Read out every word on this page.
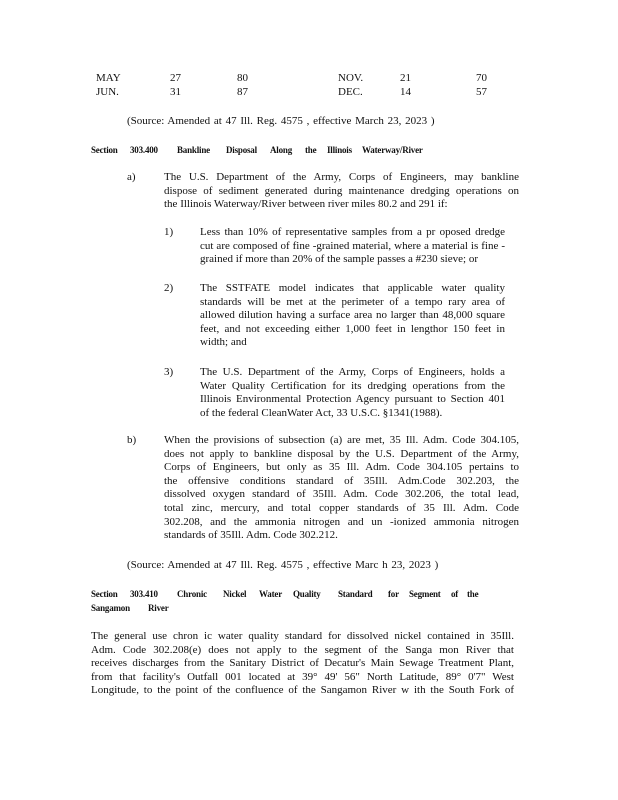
MAY	27	80	NOV.	21	70
JUN.	31	87	DEC.	14	57
(Source: Amended at 47 Ill. Reg. 4575 , effective March 23, 2023 )
Section 303.400 Bankline Disposal Along the Illinois Waterway/River
a)	The U.S. Department of the Army, Corps of Engineers, may bankline
dispose of sediment generated during maintenance dredging operations on
the Illinois Waterway/River between river miles 80.2 and 291 if:
1) Less than 10% of representative samples from a pr oposed dredge
cut are composed of fine -grained material, where a material is fine -
grained if more than 20% of the sample passes a #230 sieve; or
2) The SSTFATE model indicates that applicable water quality
standards will be met at the perimeter of a tempo rary area of
allowed dilution having a surface area no larger than 48,000 square
feet, and not exceeding either 1,000 feet in lengthor 150 feet in
width; and
3) The U.S. Department of the Army, Corps of Engineers, holds a
Water Quality Certification for its dredging operations from the
Illinois Environmental Protection Agency pursuant to Section 401
of the federal CleanWater Act, 33 U.S.C. §1341(1988).
b)	When the provisions of subsection (a) are met, 35 Ill. Adm. Code 304.105,
does not apply to bankline disposal by the U.S. Department of the Army,
Corps of Engineers, but only as 35 Ill. Adm. Code 304.105 pertains to
the offensive conditions standard of 35Ill. Adm.Code 302.203, the
dissolved oxygen standard of 35Ill. Adm. Code 302.206, the total lead,
total zinc, mercury, and total copper standards of 35 Ill. Adm. Code
302.208, and the ammonia nitrogen and un -ionized ammonia nitrogen
standards of 35Ill. Adm. Code 302.212.
(Source: Amended at 47 Ill. Reg. 4575 , effective Marc h 23, 2023 )
Section 303.410 Chronic Nickel Water Quality Standard for Segment of the
Sangamon River
The general use chron ic water quality standard for dissolved nickel contained in 35Ill.
Adm. Code 302.208(e) does not apply to the segment of the Sanga mon River that
receives discharges from the Sanitary District of Decatur's Main Sewage Treatment Plant,
from that facility's Outfall 001 located at 39° 49' 56" North Latitude, 89° 0'7" West
Longitude, to the point of the confluence of the Sangamon River w ith the South Fork of
